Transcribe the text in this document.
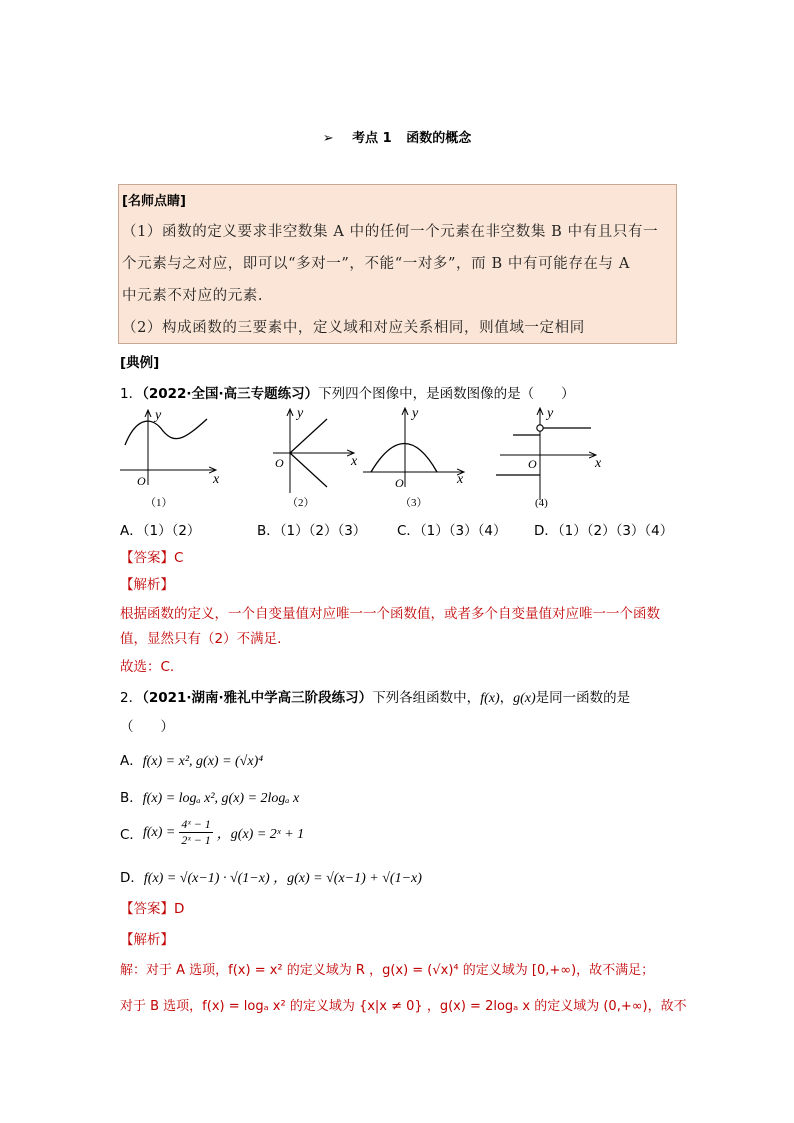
➢ 考点 1 函数的概念
[名师点睛]
（1）函数的定义要求非空数集 A 中的任何一个元素在非空数集 B 中有且只有一
个元素与之对应，即可以“多对一”，不能“一对多”，而 B 中有可能存在与 A
中元素不对应的元素.
（2）构成函数的三要素中，定义域和对应关系相同，则值域一定相同
[典例]
1．（2022·全国·高三专题练习）下列四个图像中，是函数图像的是（　　）
y
x
O
（1）
y
x
O
（2）
y
x
O
（3）
y
x
O
(4)
A．（1）（2）	B．（1）（2）（3） C．（1）（3）（4） D．（1）（2）（3）（4）
【答案】C
【解析】
根据函数的定义，一个自变量值对应唯一一个函数值，或者多个自变量值对应唯一一个函数
值，显然只有（2）不满足.
故选：C.
2．（2021·湖南·雅礼中学高三阶段练习）下列各组函数中，f(x)，g(x)是同一函数的是
（　　）
A．f(x) = x², g(x) = (√x)⁴
B．f(x) = logₐ x², g(x) = 2logₐ x
C． $f(x) = \frac{\text{4ˣ − 1}}{\text{2ˣ − 1}}$ ，g(x) = 2ˣ + 1
D．f(x) = √(x−1) · √(1−x) ，g(x) = √(x−1) + √(1−x)
【答案】D
【解析】
解：对于 A 选项，f(x) = x² 的定义域为 R ，g(x) = (√x)⁴ 的定义域为 [0,+∞)，故不满足；
对于 B 选项，f(x) = logₐ x² 的定义域为 {x|x ≠ 0} ，g(x) = 2logₐ x 的定义域为 (0,+∞)，故不
